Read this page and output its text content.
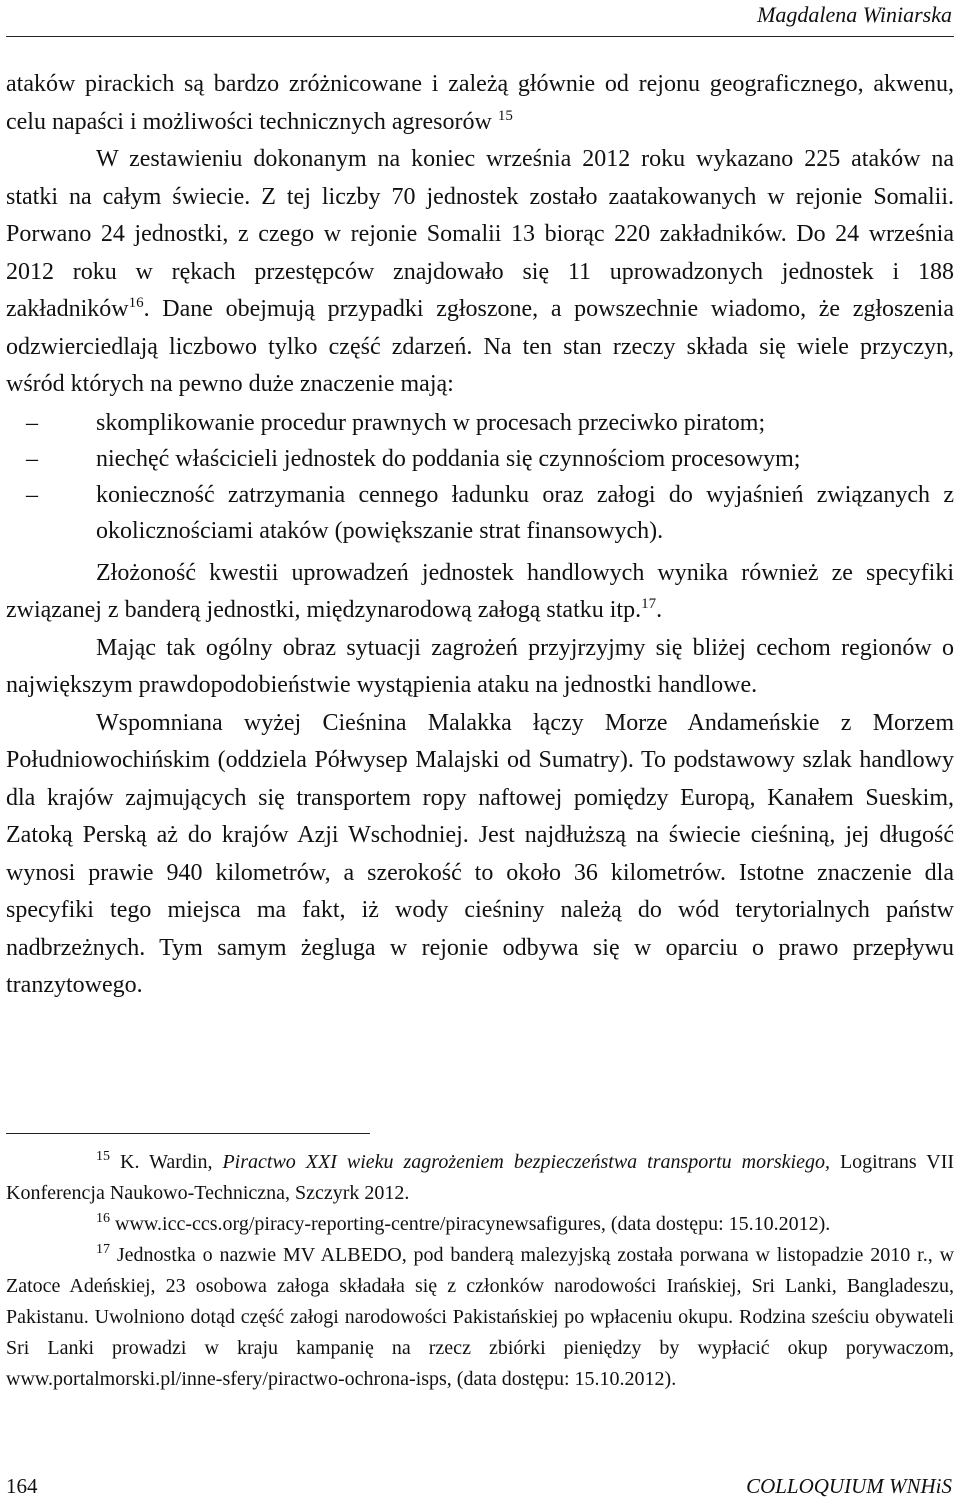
Magdalena Winiarska

ataków pirackich są bardzo zróżnicowane i zależą głównie od rejonu geograficznego, akwenu, celu napaści i możliwości technicznych agresorów $^{15}$

W zestawieniu dokonanym na koniec września 2012 roku wykazano 225 ataków na statki na całym świecie. Z tej liczby 70 jednostek zostało zaatakowanych w rejonie Somalii. Porwano 24 jednostki, z czego w rejonie Somalii 13 biorąc 220 zakładników. Do 24 września 2012 roku w rękach przestępców znajdowało się 11 uprowadzonych jednostek i 188 zakładników$^{16}$. Dane obejmują przypadki zgłoszone, a powszechnie wiadomo, że zgłoszenia odzwierciedlają liczbowo tylko część zdarzeń. Na ten stan rzeczy składa się wiele przyczyn, wśród których na pewno duże znaczenie mają:

– skomplikowanie procedur prawnych w procesach przeciwko piratom;
– niechęć właścicieli jednostek do poddania się czynnościom procesowym;
– konieczność zatrzymania cennego ładunku oraz załogi do wyjaśnień związanych z okolicznościami ataków (powiększanie strat finansowych).

Złożoność kwestii uprowadzeń jednostek handlowych wynika również ze specyfiki związanej z banderą jednostki, międzynarodową załogą statku itp.$^{17}$.

Mając tak ogólny obraz sytuacji zagrożeń przyjrzyjmy się bliżej cechom regionów o największym prawdopodobieństwie wystąpienia ataku na jednostki handlowe.

Wspomniana wyżej Cieśnina Malakka łączy Morze Andameńskie z Morzem Południowochińskim (oddziela Półwysep Malajski od Sumatry). To podstawowy szlak handlowy dla krajów zajmujących się transportem ropy naftowej pomiędzy Europą, Kanałem Sueskim, Zatoką Perską aż do krajów Azji Wschodniej. Jest najdłuższą na świecie cieśniną, jej długość wynosi prawie 940 kilometrów, a szerokość to około 36 kilometrów. Istotne znaczenie dla specyfiki tego miejsca ma fakt, iż wody cieśniny należą do wód terytorialnych państw nadbrzeżnych. Tym samym żegluga w rejonie odbywa się w oparciu o prawo przepływu tranzytowego.

$^{15}$ K. Wardin, Piractwo XXI wieku zagrożeniem bezpieczeństwa transportu morskiego, Logitrans VII Konferencja Naukowo-Techniczna, Szczyrk 2012.

$^{16}$ www.icc-ccs.org/piracy-reporting-centre/piracynewsafigures, (data dostępu: 15.10.2012).

$^{17}$ Jednostka o nazwie MV ALBEDO, pod banderą malezyjską została porwana w listopadzie 2010 r., w Zatoce Adeńskiej, 23 osobowa załoga składała się z członków narodowości Irańskiej, Sri Lanki, Bangladeszu, Pakistanu. Uwolniono dotąd część załogi narodowości Pakistańskiej po wpłaceniu okupu. Rodzina sześciu obywateli Sri Lanki prowadzi w kraju kampanię na rzecz zbiórki pieniędzy by wypłacić okup porywaczom, www.portalmorski.pl/inne-sfery/piractwo-ochrona-isps, (data dostępu: 15.10.2012).

164	COLLOQUIUM WNHiS
